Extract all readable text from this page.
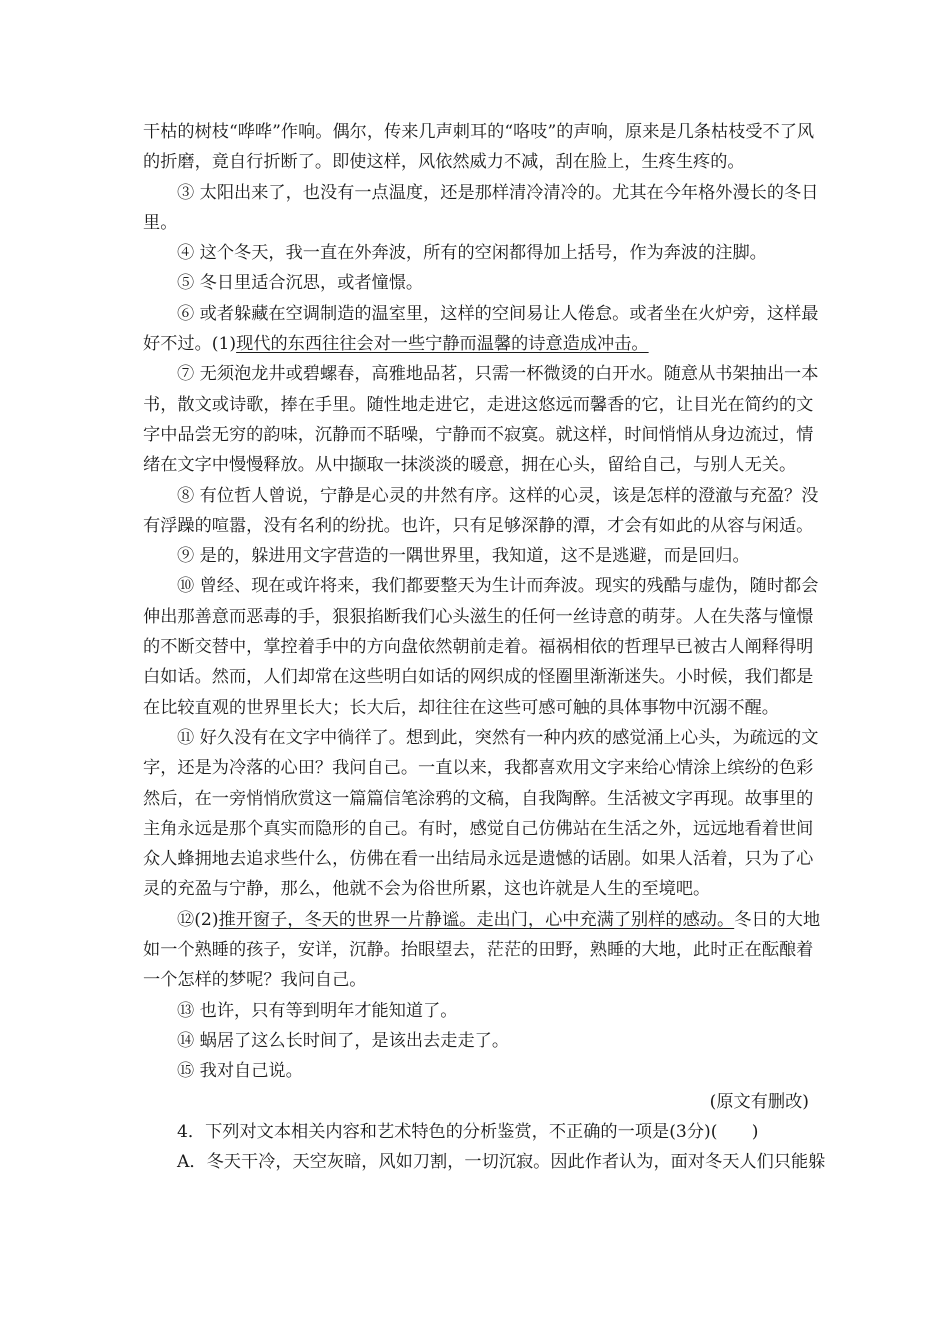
干枯的树枝“哗哗”作响。偶尔，传来几声刺耳的“咯吱”的声响，原来是几条枯枝受不了风
的折磨，竟自行折断了。即使这样，风依然威力不减，刮在脸上，生疼生疼的。
③ 太阳出来了，也没有一点温度，还是那样清冷清冷的。尤其在今年格外漫长的冬日
里。
④ 这个冬天，我一直在外奔波，所有的空闲都得加上括号，作为奔波的注脚。
⑤ 冬日里适合沉思，或者憧憬。
⑥ 或者躲藏在空调制造的温室里，这样的空间易让人倦怠。或者坐在火炉旁，这样最
好不过。(1)现代的东西往往会对一些宁静而温馨的诗意造成冲击。
⑦ 无须泡龙井或碧螺春，高雅地品茗，只需一杯微烫的白开水。随意从书架抽出一本
书，散文或诗歌，捧在手里。随性地走进它，走进这悠远而馨香的它，让目光在简约的文
字中品尝无穷的韵味，沉静而不聒噪，宁静而不寂寞。就这样，时间悄悄从身边流过，情
绪在文字中慢慢释放。从中撷取一抹淡淡的暖意，拥在心头，留给自己，与别人无关。
⑧ 有位哲人曾说，宁静是心灵的井然有序。这样的心灵，该是怎样的澄澈与充盈？没
有浮躁的喧嚣，没有名利的纷扰。也许，只有足够深静的潭，才会有如此的从容与闲适。
⑨ 是的，躲进用文字营造的一隅世界里，我知道，这不是逃避，而是回归。
⑩ 曾经、现在或许将来，我们都要整天为生计而奔波。现实的残酷与虚伪，随时都会
伸出那善意而恶毒的手，狠狠掐断我们心头滋生的任何一丝诗意的萌芽。人在失落与憧憬
的不断交替中，掌控着手中的方向盘依然朝前走着。福祸相依的哲理早已被古人阐释得明
白如话。然而，人们却常在这些明白如话的网织成的怪圈里渐渐迷失。小时候，我们都是
在比较直观的世界里长大；长大后，却往往在这些可感可触的具体事物中沉溺不醒。
⑪ 好久没有在文字中徜徉了。想到此，突然有一种内疚的感觉涌上心头，为疏远的文
字，还是为冷落的心田？我问自己。一直以来，我都喜欢用文字来给心情涂上缤纷的色彩
然后，在一旁悄悄欣赏这一篇篇信笔涂鸦的文稿，自我陶醉。生活被文字再现。故事里的
主角永远是那个真实而隐形的自己。有时，感觉自己仿佛站在生活之外，远远地看着世间
众人蜂拥地去追求些什么，仿佛在看一出结局永远是遗憾的话剧。如果人活着，只为了心
灵的充盈与宁静，那么，他就不会为俗世所累，这也许就是人生的至境吧。
⑫(2)推开窗子，冬天的世界一片静谧。走出门，心中充满了别样的感动。冬日的大地
如一个熟睡的孩子，安详，沉静。抬眼望去，茫茫的田野，熟睡的大地，此时正在酝酿着
一个怎样的梦呢？我问自己。
⑬ 也许，只有等到明年才能知道了。
⑭ 蜗居了这么长时间了，是该出去走走了。
⑮ 我对自己说。
(原文有删改)
4．下列对文本相关内容和艺术特色的分析鉴赏，不正确的一项是(3分)(　　)
A．冬天干冷，天空灰暗，风如刀割，一切沉寂。因此作者认为，面对冬天人们只能躲
